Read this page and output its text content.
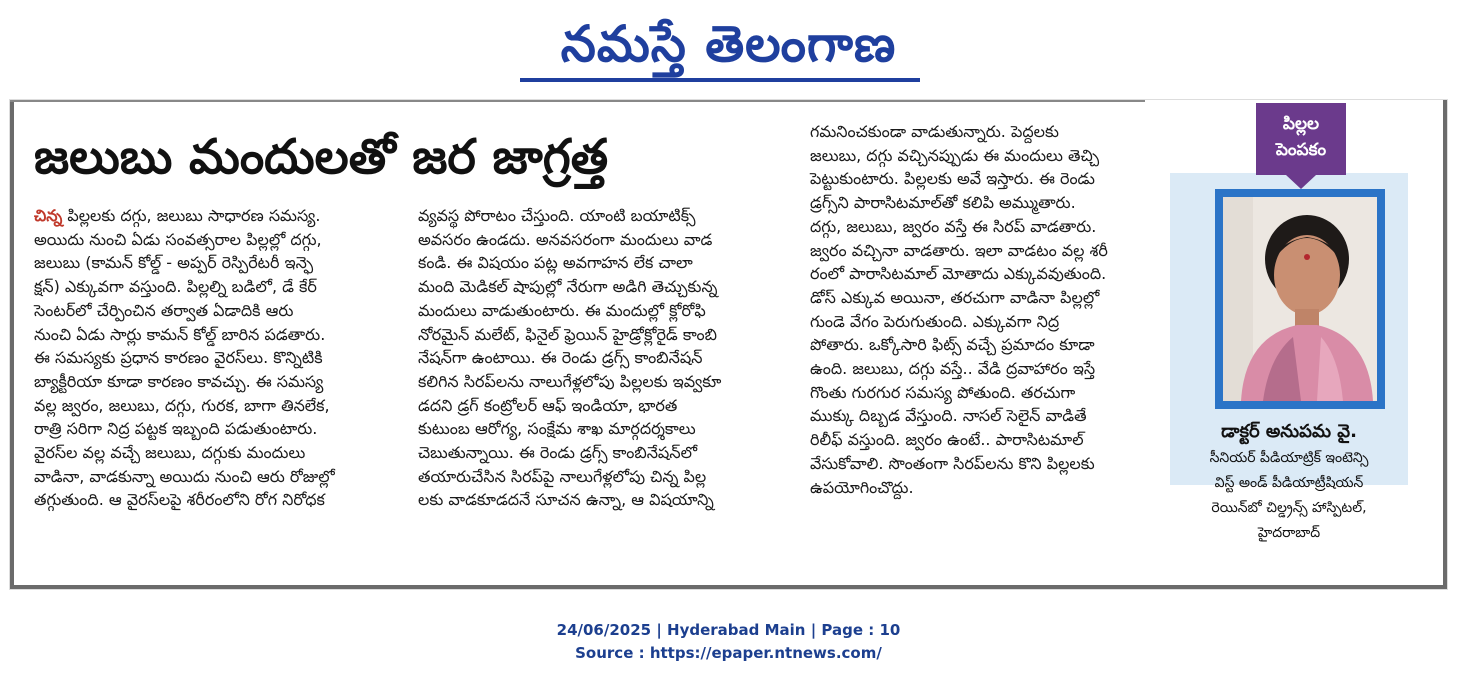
నమస్తే తెలంగాణ
జలుబు మందులతో జర జాగ్రత్త

చిన్న పిల్లలకు దగ్గు, జలుబు సాధారణ సమస్య.

అయిదు నుంచి ఏడు సంవత్సరాల పిల్లల్లో దగ్గు,

జలుబు (కామన్ కోల్డ్ - అప్పర్ రెస్పిరేటరీ ఇన్ఫె

క్షన్) ఎక్కువగా వస్తుంది. పిల్లల్ని బడిలో, డే కేర్

సెంటర్‌లో చేర్పించిన తర్వాత ఏడాదికి ఆరు

నుంచి ఏడు సార్లు కామన్ కోల్డ్ బారిన పడతారు.

ఈ సమస్యకు ప్రధాన కారణం వైరస్‌లు. కొన్నిటికి

బ్యాక్టీరియా కూడా కారణం కావచ్చు. ఈ సమస్య

వల్ల జ్వరం, జలుబు, దగ్గు, గురక, బాగా తినలేక,

రాత్రి సరిగా నిద్ర పట్టక ఇబ్బంది పడుతుంటారు.

వైరస్‌ల వల్ల వచ్చే జలుబు, దగ్గుకు మందులు

వాడినా, వాడకున్నా అయిదు నుంచి ఆరు రోజుల్లో

తగ్గుతుంది. ఆ వైరస్‌లపై శరీరంలోని రోగ నిరోధక

వ్యవస్థ పోరాటం చేస్తుంది. యాంటి బయాటిక్స్

అవసరం ఉండదు. అనవసరంగా మందులు వాడ

కండి. ఈ విషయం పట్ల అవగాహన లేక చాలా

మంది మెడికల్ షాపుల్లో నేరుగా అడిగి తెచ్చుకున్న

మందులు వాడుతుంటారు. ఈ మందుల్లో క్లోరోఫి

నోరమైన్ మలేట్, ఫినైల్ ఫ్రెయిన్ హైడ్రోక్లోరైడ్ కాంబి

నేషన్‌గా ఉంటాయి. ఈ రెండు డ్రగ్స్ కాంబినేషన్

కలిగిన సిరప్‌లను నాలుగేళ్లలోపు పిల్లలకు ఇవ్వకూ

డదని డ్రగ్ కంట్రోలర్ ఆఫ్ ఇండియా, భారత

కుటుంబ ఆరోగ్య, సంక్షేమ శాఖ మార్గదర్శకాలు

చెబుతున్నాయి. ఈ రెండు డ్రగ్స్ కాంబినేషన్‌లో

తయారుచేసిన సిరప్‌పై నాలుగేళ్లలోపు చిన్న పిల్ల

లకు వాడకూడదనే సూచన ఉన్నా, ఆ విషయాన్ని

గమనించకుండా వాడుతున్నారు. పెద్దలకు

జలుబు, దగ్గు వచ్చినప్పుడు ఈ మందులు తెచ్చి

పెట్టుకుంటారు. పిల్లలకు అవే ఇస్తారు. ఈ రెండు

డ్రగ్స్‌ని పారాసిటమాల్‌తో కలిపి అమ్ముతారు.

దగ్గు, జలుబు, జ్వరం వస్తే ఈ సిరప్ వాడతారు.

జ్వరం వచ్చినా వాడతారు. ఇలా వాడటం వల్ల శరీ

రంలో పారాసిటమాల్ మోతాదు ఎక్కువవుతుంది.

డోస్ ఎక్కువ అయినా, తరచుగా వాడినా పిల్లల్లో

గుండె వేగం పెరుగుతుంది. ఎక్కువగా నిద్ర

పోతారు. ఒక్కోసారి ఫిట్స్ వచ్చే ప్రమాదం కూడా

ఉంది. జలుబు, దగ్గు వస్తే.. వేడి ద్రవాహారం ఇస్తే

గొంతు గురగుర సమస్య పోతుంది. తరచుగా

ముక్కు దిబ్బడ వేస్తుంది. నాసల్ సెలైన్ వాడితే

రిలీఫ్ వస్తుంది. జ్వరం ఉంటే.. పారాసిటమాల్

వేసుకోవాలి. సొంతంగా సిరప్‌లను కొని పిల్లలకు

ఉపయోగించొద్దు.

పిల్లల
పెంపకం
డాక్టర్ అనుపమ వై.
సీనియర్ పీడియాట్రిక్ ఇంటెన్సి
విస్ట్ అండ్ పీడియాట్రీషియన్
రెయిన్‌బో చిల్డ్రన్స్ హాస్పిటల్,
హైదరాబాద్
24/06/2025 | Hyderabad Main | Page : 10
Source : https://epaper.ntnews.com/
